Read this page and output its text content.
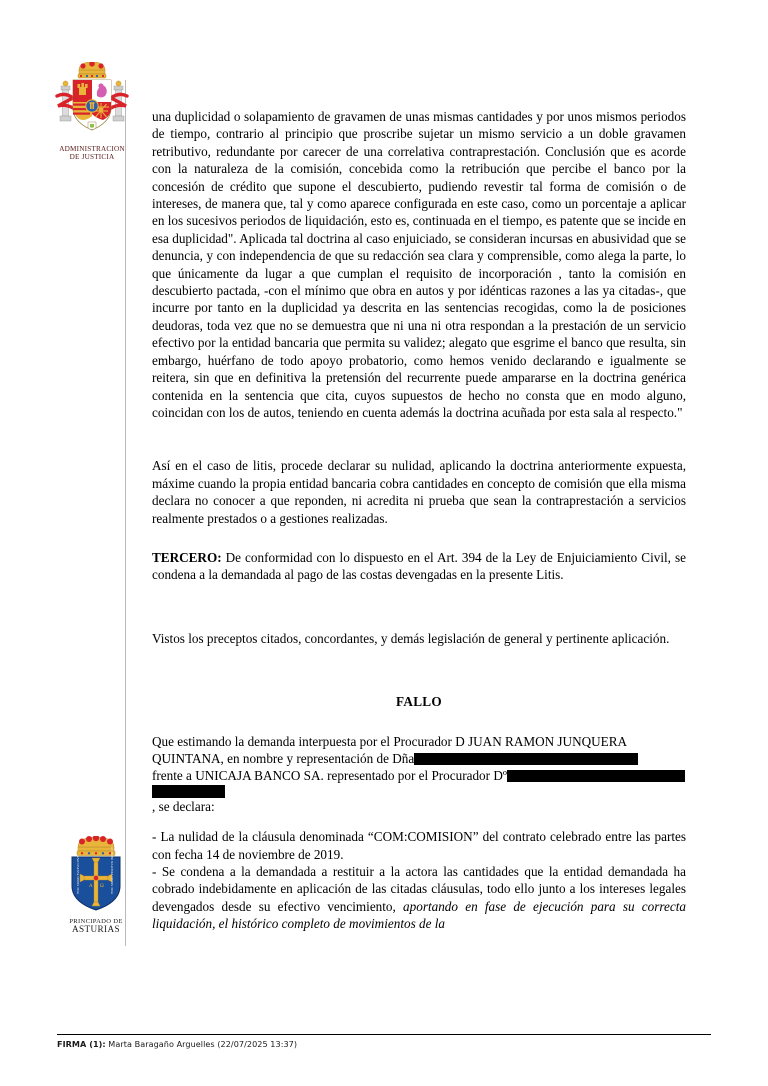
ADMINISTRACION
DE JUSTICIA
A Ω
HOC SIGNO TVETVR PIVS	HOC SIGNO VINCITVR INIMICVS
PRINCIPADO DE
ASTURIAS

una duplicidad o solapamiento de gravamen de unas mismas cantidades y por unos mismos periodos de tiempo, contrario al principio que proscribe sujetar un mismo servicio a un doble gravamen retributivo, redundante por carecer de una correlativa contraprestación. Conclusión que es acorde con la naturaleza de la comisión, concebida como la retribución que percibe el banco por la concesión de crédito que supone el descubierto, pudiendo revestir tal forma de comisión o de intereses, de manera que, tal y como aparece configurada en este caso, como un porcentaje a aplicar en los sucesivos periodos de liquidación, esto es, continuada en el tiempo, es patente que se incide en esa duplicidad". Aplicada tal doctrina al caso enjuiciado, se consideran incursas en abusividad que se denuncia, y con independencia de que su redacción sea clara y comprensible, como alega la parte, lo que únicamente da lugar a que cumplan el requisito de incorporación , tanto la comisión en descubierto pactada, -con el mínimo que obra en autos y por idénticas razones a las ya citadas-, que incurre por tanto en la duplicidad ya descrita en las sentencias recogidas, como la de posiciones deudoras, toda vez que no se demuestra que ni una ni otra respondan a la prestación de un servicio efectivo por la entidad bancaria que permita su validez; alegato que esgrime el banco que resulta, sin embargo, huérfano de todo apoyo probatorio, como hemos venido declarando e igualmente se reitera, sin que en definitiva la pretensión del recurrente puede ampararse en la doctrina genérica contenida en la sentencia que cita, cuyos supuestos de hecho no consta que en modo alguno, coincidan con los de autos, teniendo en cuenta además la doctrina acuñada por esta sala al respecto."

Así en el caso de litis, procede declarar su nulidad, aplicando la doctrina anteriormente expuesta, máxime cuando la propia entidad bancaria cobra cantidades en concepto de comisión que ella misma declara no conocer a que reponden, ni acredita ni prueba que sean la contraprestación a servicios realmente prestados o a gestiones realizadas.

TERCERO: De conformidad con lo dispuesto en el Art. 394 de la Ley de Enjuiciamiento Civil, se condena a la demandada al pago de las costas devengadas en la presente Litis.

Vistos los preceptos citados, concordantes, y demás legislación de general y pertinente aplicación.

FALLO

Que estimando la demanda interpuesta por el Procurador D JUAN RAMON JUNQUERA QUINTANA, en nombre y representación de Dña
frente a UNICAJA BANCO SA. representado por el Procurador Dº
, se declara:

- La nulidad de la cláusula denominada “COM:COMISION” del contrato celebrado entre las partes con fecha 14 de noviembre de 2019.

- Se condena a la demandada a restituir a la actora las cantidades que la entidad demandada ha cobrado indebidamente en aplicación de las citadas cláusulas, todo ello junto a los intereses legales devengados desde su efectivo vencimiento, aportando en fase de ejecución para su correcta liquidación, el histórico completo de movimientos de la

FIRMA (1): Marta Baragaño Arguelles (22/07/2025 13:37)
